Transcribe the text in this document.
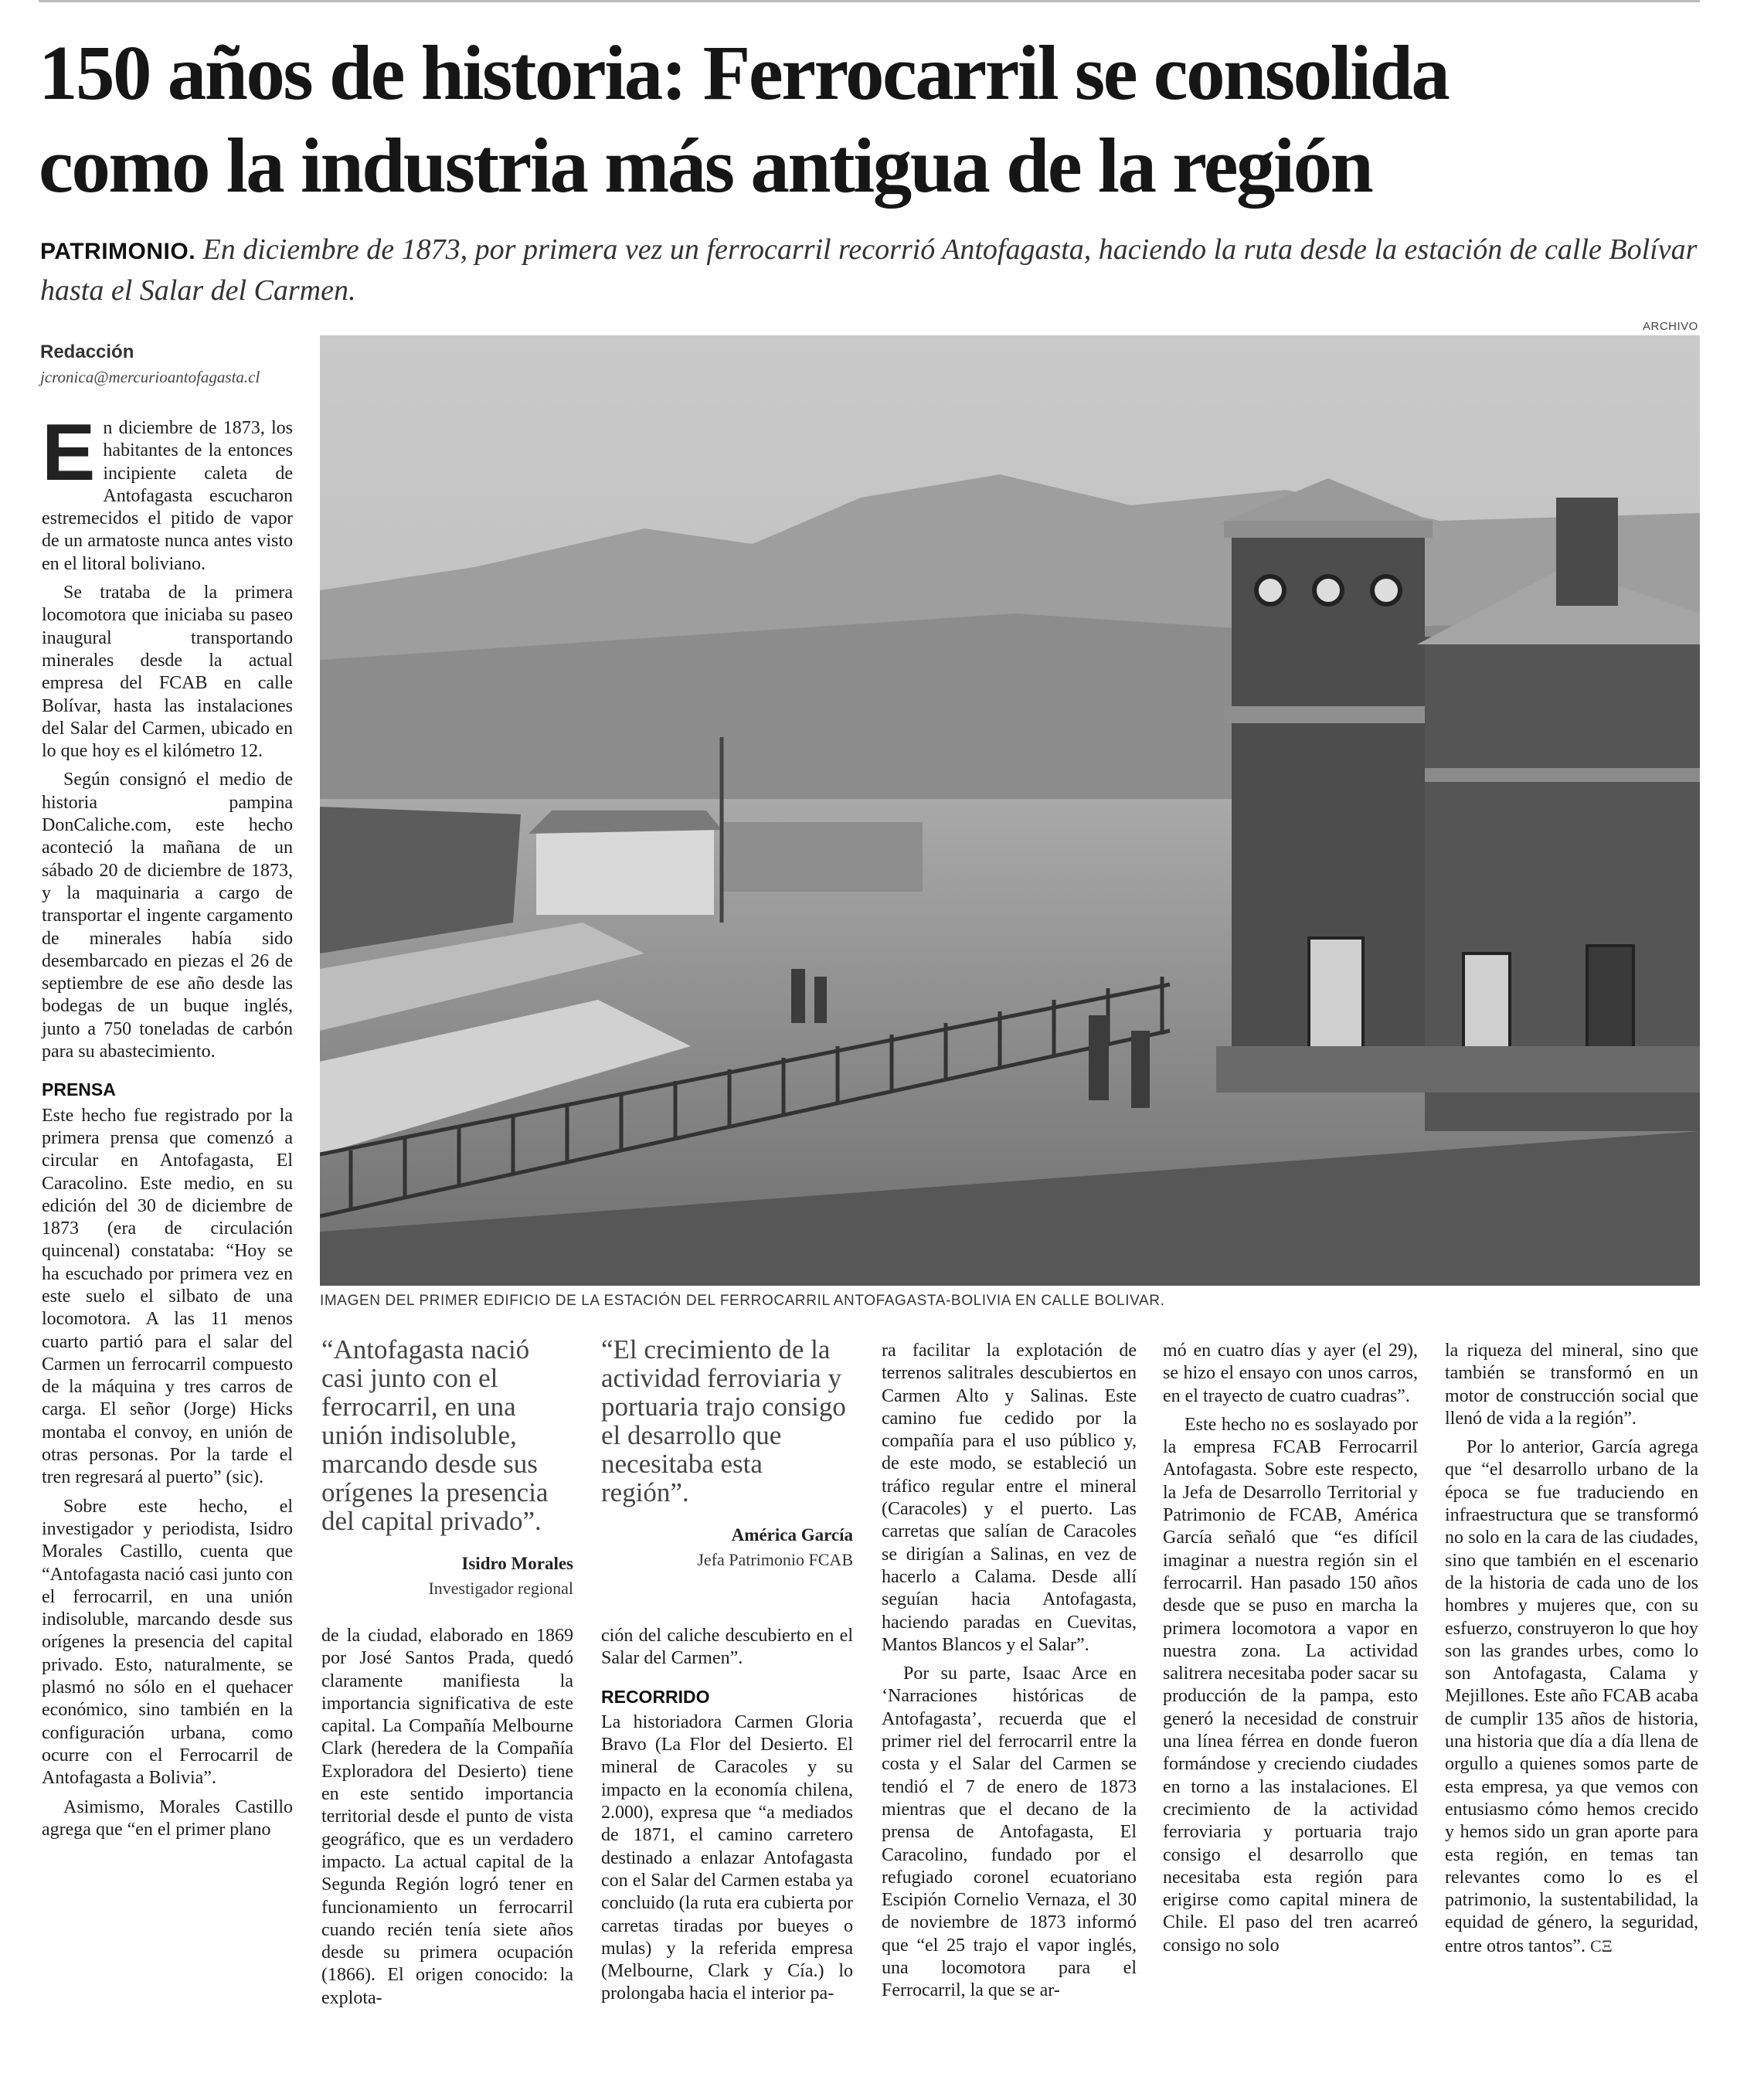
150 años de historia: Ferrocarril se consolida
como la industria más antigua de la región

PATRIMONIO. En diciembre de 1873, por primera vez un ferrocarril recorrió Antofagasta, haciendo la ruta desde la estación de calle Bolívar hasta el Salar del Carmen.

Redacción

jcronica@mercurioantofagasta.cl

ARCHIVO

IMAGEN DEL PRIMER EDIFICIO DE LA ESTACIÓN DEL FERROCARRIL ANTOFAGASTA-BOLIVIA EN CALLE BOLIVAR.

En diciembre de 1873, los habitantes de la entonces incipiente caleta de Antofagasta escucharon estremecidos el pitido de vapor de un armatoste nunca antes visto en el litoral boliviano.

Se trataba de la primera locomotora que iniciaba su paseo inaugural transportando minerales desde la actual empresa del FCAB en calle Bolívar, hasta las instalaciones del Salar del Carmen, ubicado en lo que hoy es el kilómetro 12.

Según consignó el medio de historia pampina DonCaliche.com, este hecho aconteció la mañana de un sábado 20 de diciembre de 1873, y la maquinaria a cargo de transportar el ingente cargamento de minerales había sido desembarcado en piezas el 26 de septiembre de ese año desde las bodegas de un buque inglés, junto a 750 toneladas de carbón para su abastecimiento.

PRENSA

Este hecho fue registrado por la primera prensa que comenzó a circular en Antofagasta, El Caracolino. Este medio, en su edición del 30 de diciembre de 1873 (era de circulación quincenal) constataba: “Hoy se ha escuchado por primera vez en este suelo el silbato de una locomotora. A las 11 menos cuarto partió para el salar del Carmen un ferrocarril compuesto de la máquina y tres carros de carga. El señor (Jorge) Hicks montaba el convoy, en unión de otras personas. Por la tarde el tren regresará al puerto” (sic).

Sobre este hecho, el investigador y periodista, Isidro Morales Castillo, cuenta que “Antofagasta nació casi junto con el ferrocarril, en una unión indisoluble, marcando desde sus orígenes la presencia del capital privado. Esto, naturalmente, se plasmó no sólo en el quehacer económico, sino también en la configuración urbana, como ocurre con el Ferrocarril de Antofagasta a Bolivia”.

Asimismo, Morales Castillo agrega que “en el primer plano

“Antofagasta nació casi junto con el ferrocarril, en una unión indisoluble, marcando desde sus orígenes la presencia del capital privado”.

Isidro Morales

Investigador regional

“El crecimiento de la actividad ferroviaria y portuaria trajo consigo el desarrollo que necesitaba esta región”.

América García

Jefa Patrimonio FCAB

de la ciudad, elaborado en 1869 por José Santos Prada, quedó claramente manifiesta la importancia significativa de este capital. La Compañía Melbourne Clark (heredera de la Compañía Exploradora del Desierto) tiene en este sentido importancia territorial desde el punto de vista geográfico, que es un verdadero impacto. La actual capital de la Segunda Región logró tener en funcionamiento un ferrocarril cuando recién tenía siete años desde su primera ocupación (1866). El origen conocido: la explota-

ción del caliche descubierto en el Salar del Carmen”.

RECORRIDO

La historiadora Carmen Gloria Bravo (La Flor del Desierto. El mineral de Caracoles y su impacto en la economía chilena, 2.000), expresa que “a mediados de 1871, el camino carretero destinado a enlazar Antofagasta con el Salar del Carmen estaba ya concluido (la ruta era cubierta por carretas tiradas por bueyes o mulas) y la referida empresa (Melbourne, Clark y Cía.) lo prolongaba hacia el interior pa-

ra facilitar la explotación de terrenos salitrales descubiertos en Carmen Alto y Salinas. Este camino fue cedido por la compañía para el uso público y, de este modo, se estableció un tráfico regular entre el mineral (Caracoles) y el puerto. Las carretas que salían de Caracoles se dirigían a Salinas, en vez de hacerlo a Calama. Desde allí seguían hacia Antofagasta, haciendo paradas en Cuevitas, Mantos Blancos y el Salar”.

Por su parte, Isaac Arce en ‘Narraciones históricas de Antofagasta’, recuerda que el primer riel del ferrocarril entre la costa y el Salar del Carmen se tendió el 7 de enero de 1873 mientras que el decano de la prensa de Antofagasta, El Caracolino, fundado por el refugiado coronel ecuatoriano Escipión Cornelio Vernaza, el 30 de noviembre de 1873 informó que “el 25 trajo el vapor inglés, una locomotora para el Ferrocarril, la que se ar-

mó en cuatro días y ayer (el 29), se hizo el ensayo con unos carros, en el trayecto de cuatro cuadras”.

Este hecho no es soslayado por la empresa FCAB Ferrocarril Antofagasta. Sobre este respecto, la Jefa de Desarrollo Territorial y Patrimonio de FCAB, América García señaló que “es difícil imaginar a nuestra región sin el ferrocarril. Han pasado 150 años desde que se puso en marcha la primera locomotora a vapor en nuestra zona. La actividad salitrera necesitaba poder sacar su producción de la pampa, esto generó la necesidad de construir una línea férrea en donde fueron formándose y creciendo ciudades en torno a las instalaciones. El crecimiento de la actividad ferroviaria y portuaria trajo consigo el desarrollo que necesitaba esta región para erigirse como capital minera de Chile. El paso del tren acarreó consigo no solo

la riqueza del mineral, sino que también se transformó en un motor de construcción social que llenó de vida a la región”.

Por lo anterior, García agrega que “el desarrollo urbano de la época se fue traduciendo en infraestructura que se transformó no solo en la cara de las ciudades, sino que también en el escenario de la historia de cada uno de los hombres y mujeres que, con su esfuerzo, construyeron lo que hoy son las grandes urbes, como lo son Antofagasta, Calama y Mejillones. Este año FCAB acaba de cumplir 135 años de historia, una historia que día a día llena de orgullo a quienes somos parte de esta empresa, ya que vemos con entusiasmo cómo hemos crecido y hemos sido un gran aporte para esta región, en temas tan relevantes como lo es el patrimonio, la sustentabilidad, la equidad de género, la seguridad, entre otros tantos”. CΞ
